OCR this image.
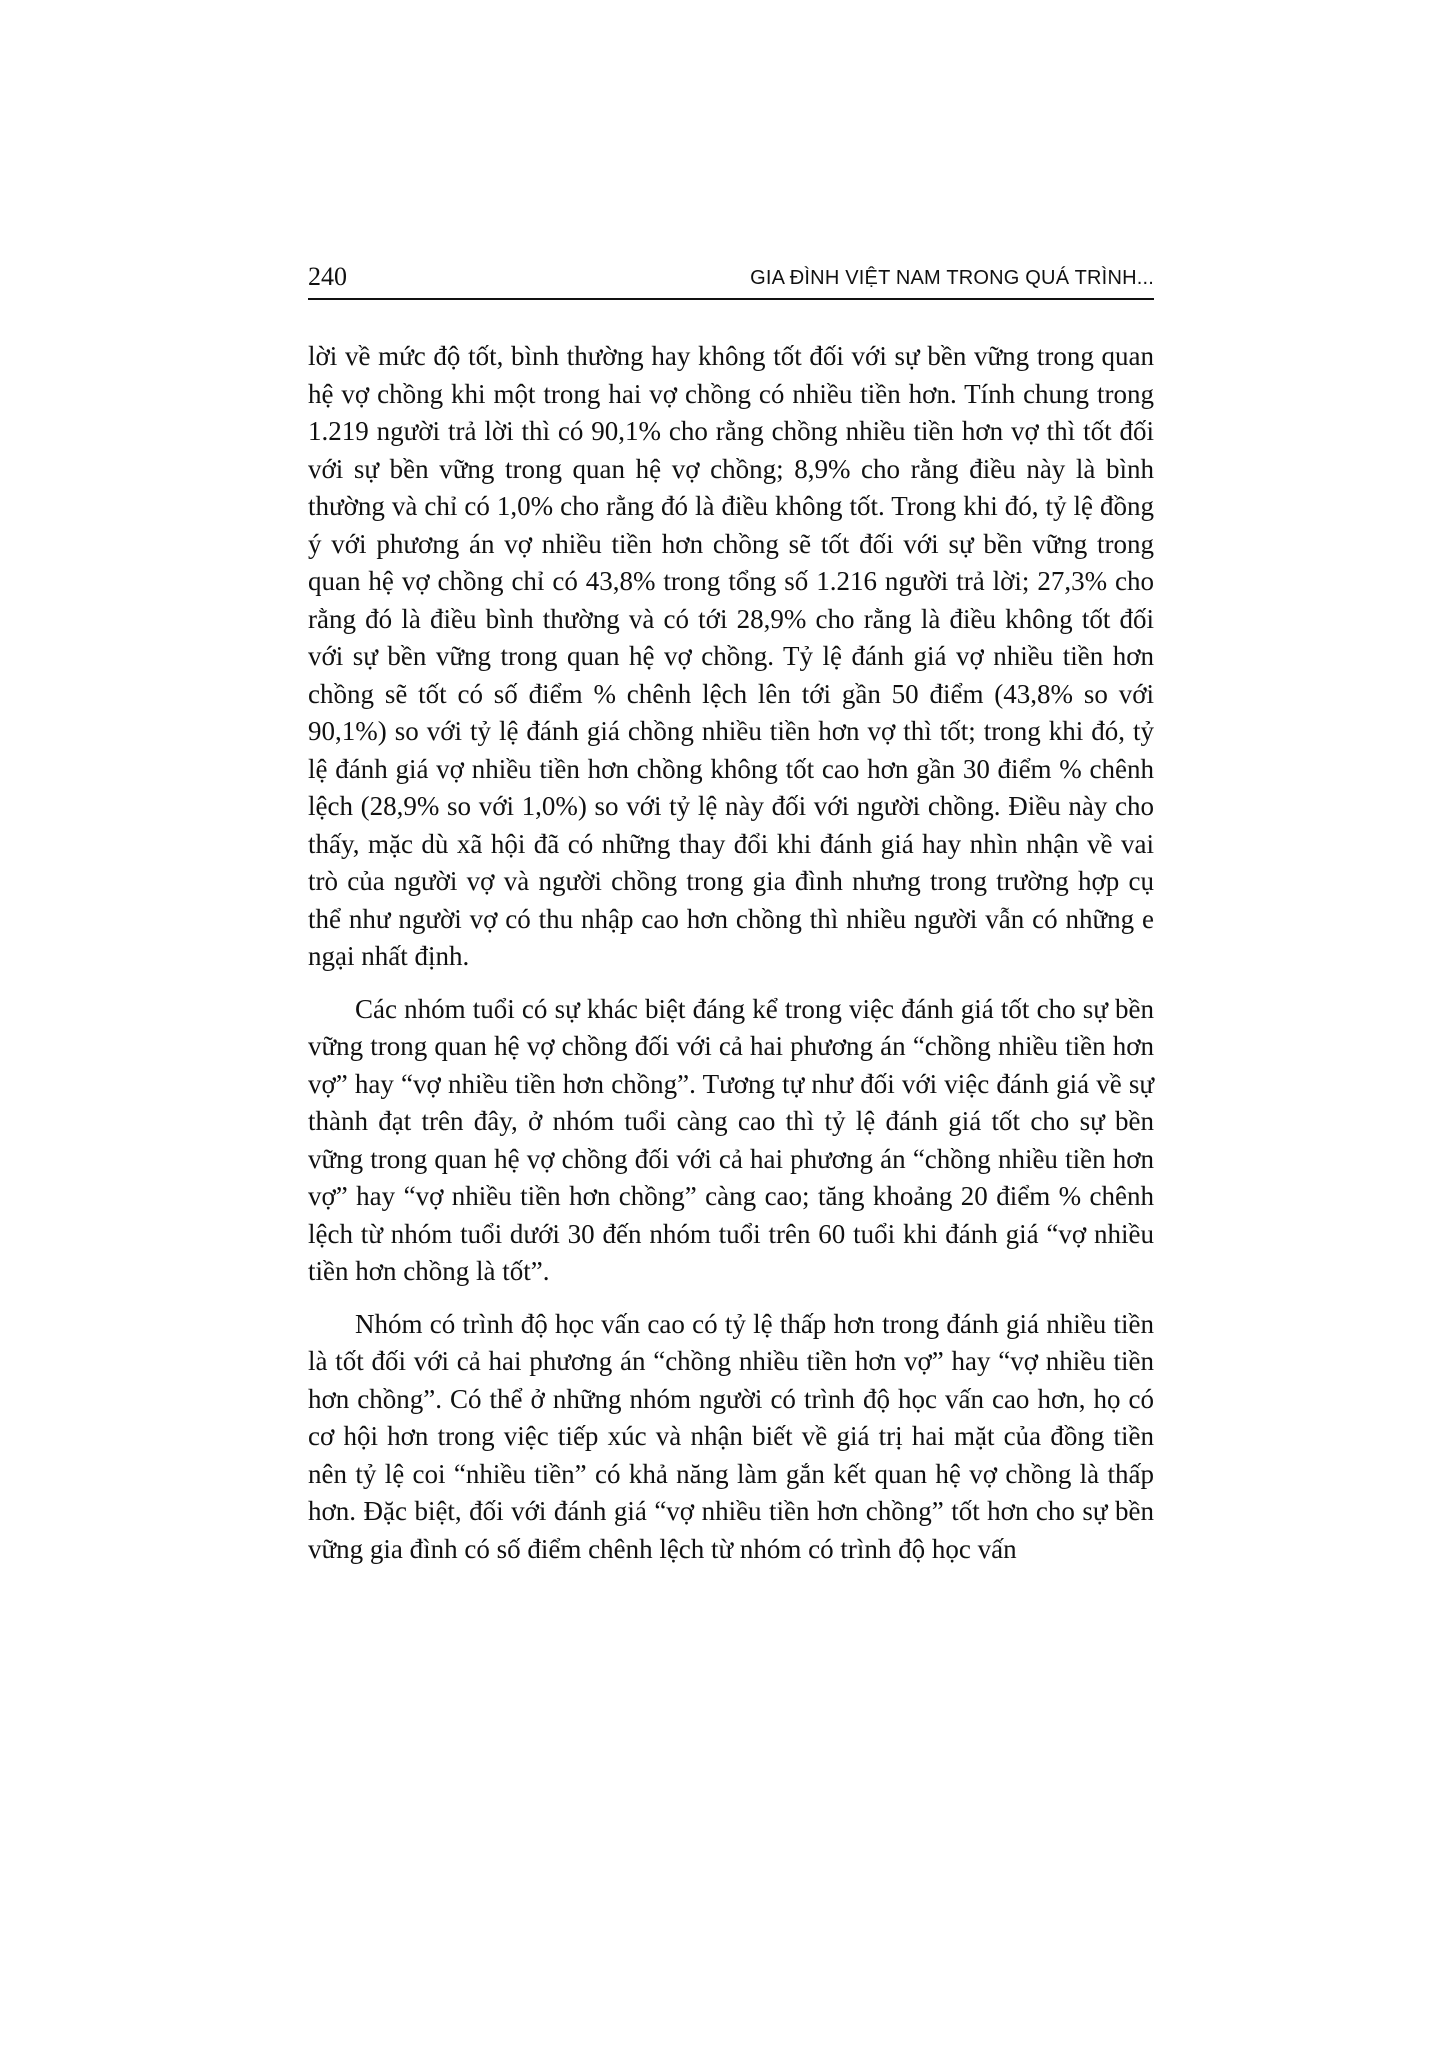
240	GIA ĐÌNH VIỆT NAM TRONG QUÁ TRÌNH...

lời về mức độ tốt, bình thường hay không tốt đối với sự bền vững trong quan hệ vợ chồng khi một trong hai vợ chồng có nhiều tiền hơn. Tính chung trong 1.219 người trả lời thì có 90,1% cho rằng chồng nhiều tiền hơn vợ thì tốt đối với sự bền vững trong quan hệ vợ chồng; 8,9% cho rằng điều này là bình thường và chỉ có 1,0% cho rằng đó là điều không tốt. Trong khi đó, tỷ lệ đồng ý với phương án vợ nhiều tiền hơn chồng sẽ tốt đối với sự bền vững trong quan hệ vợ chồng chỉ có 43,8% trong tổng số 1.216 người trả lời; 27,3% cho rằng đó là điều bình thường và có tới 28,9% cho rằng là điều không tốt đối với sự bền vững trong quan hệ vợ chồng. Tỷ lệ đánh giá vợ nhiều tiền hơn chồng sẽ tốt có số điểm % chênh lệch lên tới gần 50 điểm (43,8% so với 90,1%) so với tỷ lệ đánh giá chồng nhiều tiền hơn vợ thì tốt; trong khi đó, tỷ lệ đánh giá vợ nhiều tiền hơn chồng không tốt cao hơn gần 30 điểm % chênh lệch (28,9% so với 1,0%) so với tỷ lệ này đối với người chồng. Điều này cho thấy, mặc dù xã hội đã có những thay đổi khi đánh giá hay nhìn nhận về vai trò của người vợ và người chồng trong gia đình nhưng trong trường hợp cụ thể như người vợ có thu nhập cao hơn chồng thì nhiều người vẫn có những e ngại nhất định.

Các nhóm tuổi có sự khác biệt đáng kể trong việc đánh giá tốt cho sự bền vững trong quan hệ vợ chồng đối với cả hai phương án “chồng nhiều tiền hơn vợ” hay “vợ nhiều tiền hơn chồng”. Tương tự như đối với việc đánh giá về sự thành đạt trên đây, ở nhóm tuổi càng cao thì tỷ lệ đánh giá tốt cho sự bền vững trong quan hệ vợ chồng đối với cả hai phương án “chồng nhiều tiền hơn vợ” hay “vợ nhiều tiền hơn chồng” càng cao; tăng khoảng 20 điểm % chênh lệch từ nhóm tuổi dưới 30 đến nhóm tuổi trên 60 tuổi khi đánh giá “vợ nhiều tiền hơn chồng là tốt”.

Nhóm có trình độ học vấn cao có tỷ lệ thấp hơn trong đánh giá nhiều tiền là tốt đối với cả hai phương án “chồng nhiều tiền hơn vợ” hay “vợ nhiều tiền hơn chồng”. Có thể ở những nhóm người có trình độ học vấn cao hơn, họ có cơ hội hơn trong việc tiếp xúc và nhận biết về giá trị hai mặt của đồng tiền nên tỷ lệ coi “nhiều tiền” có khả năng làm gắn kết quan hệ vợ chồng là thấp hơn. Đặc biệt, đối với đánh giá “vợ nhiều tiền hơn chồng” tốt hơn cho sự bền vững gia đình có số điểm chênh lệch từ nhóm có trình độ học vấn
